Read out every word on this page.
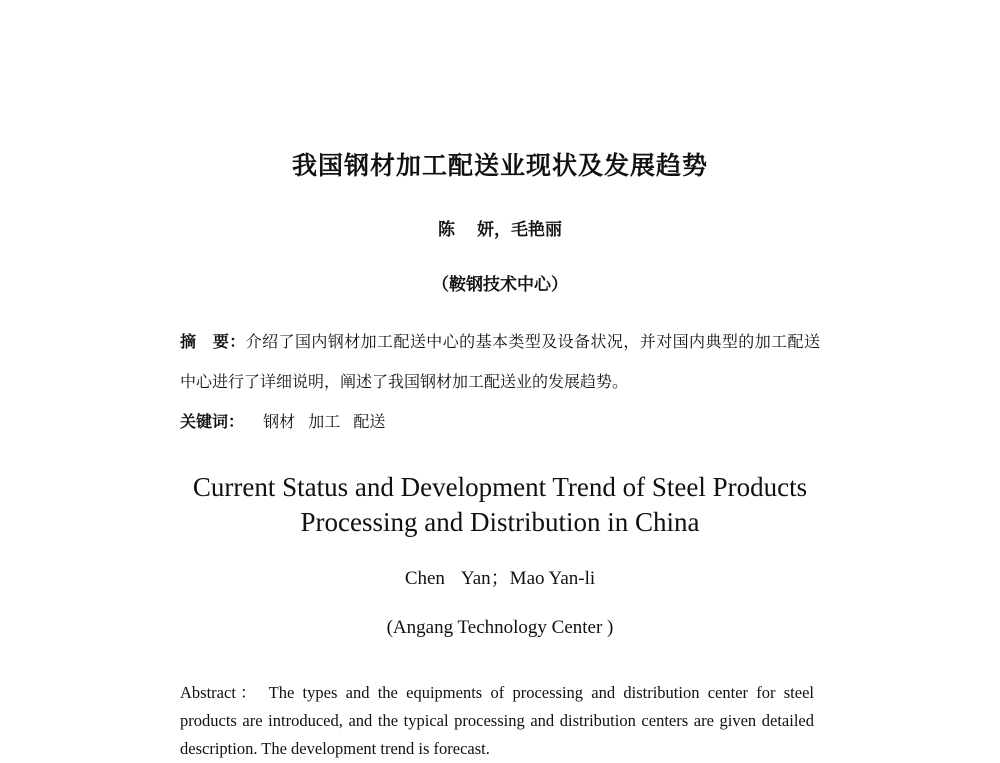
我国钢材加工配送业现状及发展趋势
陈 妍，毛艳丽
（鞍钢技术中心）
摘　要：介绍了国内钢材加工配送中心的基本类型及设备状况，并对国内典型的加工配送中心进行了详细说明，阐述了我国钢材加工配送业的发展趋势。
关键词： 钢材 加工 配送
Current Status and Development Trend of Steel Products
Processing and Distribution in China
Chen Yan；Mao Yan-li
(Angang Technology Center )
Abstract： The types and the equipments of processing and distribution center for steel products are introduced, and the typical processing and distribution centers are given detailed description. The development trend is forecast.
